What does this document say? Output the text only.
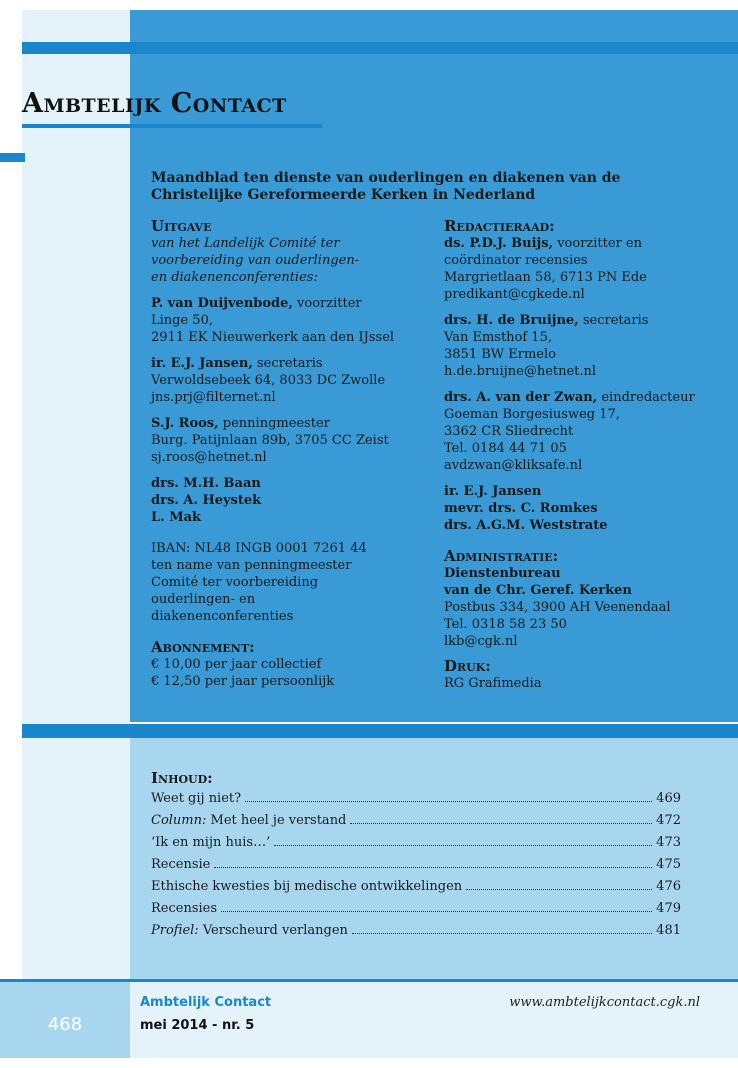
Ambtelijk Contact
Maandblad ten dienste van ouderlingen en diakenen van de
Christelijke Gereformeerde Kerken in Nederland
Uitgave
van het Landelijk Comité ter
voorbereiding van ouderlingen-
en diakenenconferenties:
P. van Duijvenbode, voorzitter
Linge 50,
2911 EK Nieuwerkerk aan den IJssel
ir. E.J. Jansen, secretaris
Verwoldsebeek 64, 8033 DC Zwolle
jns.prj@filternet.nl
S.J. Roos, penningmeester
Burg. Patijnlaan 89b, 3705 CC Zeist
sj.roos@hetnet.nl
drs. M.H. Baan
drs. A. Heystek
L. Mak
IBAN: NL48 INGB 0001 7261 44
ten name van penningmeester
Comité ter voorbereiding
ouderlingen- en
diakenenconferenties
Abonnement:
€ 10,00 per jaar collectief
€ 12,50 per jaar persoonlijk
Redactieraad:
ds. P.D.J. Buijs, voorzitter en
coördinator recensies
Margrietlaan 58, 6713 PN Ede
predikant@cgkede.nl
drs. H. de Bruijne, secretaris
Van Emsthof 15,
3851 BW Ermelo
h.de.bruijne@hetnet.nl
drs. A. van der Zwan, eindredacteur
Goeman Borgesiusweg 17,
3362 CR Sliedrecht
Tel. 0184 44 71 05
avdzwan@kliksafe.nl
ir. E.J. Jansen
mevr. drs. C. Romkes
drs. A.G.M. Weststrate
Administratie:
Dienstenbureau
van de Chr. Geref. Kerken
Postbus 334, 3900 AH Veenendaal
Tel. 0318 58 23 50
lkb@cgk.nl
Druk:
RG Grafimedia
Inhoud:
Weet gij niet?	469
Column: Met heel je verstand	472
‘Ik en mijn huis…’	473
Recensie	475
Ethische kwesties bij medische ontwikkelingen	476
Recensies	479
Profiel: Verscheurd verlangen	481
468
Ambtelijk Contact
mei 2014 - nr. 5
www.ambtelijkcontact.cgk.nl
